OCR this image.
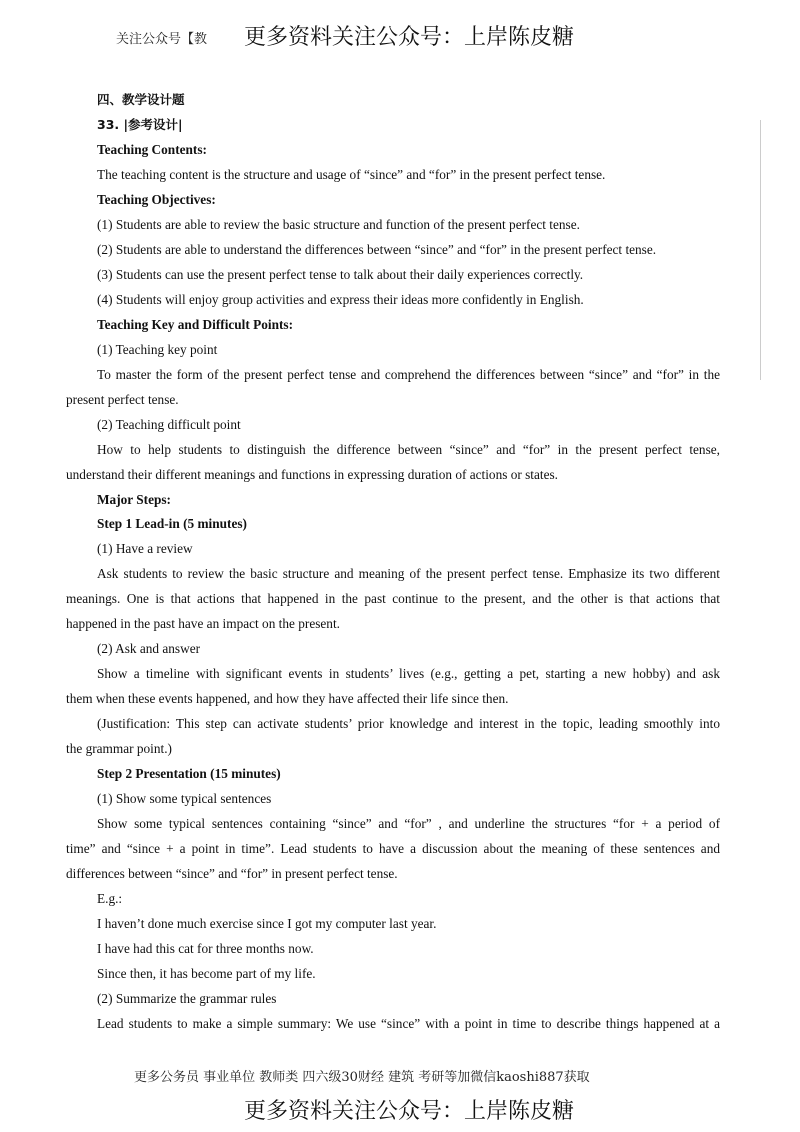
关注公众号【教 更多资料关注公众号：上岸陈皮糖
四、教学设计题
33. |参考设计|
Teaching Contents:
The teaching content is the structure and usage of “since” and “for” in the present perfect tense.
Teaching Objectives:
(1) Students are able to review the basic structure and function of the present perfect tense.
(2) Students are able to understand the differences between “since” and “for” in the present perfect tense.
(3) Students can use the present perfect tense to talk about their daily experiences correctly.
(4) Students will enjoy group activities and express their ideas more confidently in English.
Teaching Key and Difficult Points:
(1) Teaching key point
To master the form of the present perfect tense and comprehend the differences between “since” and “for” in the
present perfect tense.
(2) Teaching difficult point
How to help students to distinguish the difference between “since” and “for” in the present perfect tense,
understand their different meanings and functions in expressing duration of actions or states.
Major Steps:
Step 1 Lead-in (5 minutes)
(1) Have a review
Ask students to review the basic structure and meaning of the present perfect tense. Emphasize its two different
meanings. One is that actions that happened in the past continue to the present, and the other is that actions that
happened in the past have an impact on the present.
(2) Ask and answer
Show a timeline with significant events in students’ lives (e.g., getting a pet, starting a new hobby) and ask
them when these events happened, and how they have affected their life since then.
(Justification: This step can activate students’ prior knowledge and interest in the topic, leading smoothly into
the grammar point.)
Step 2 Presentation (15 minutes)
(1) Show some typical sentences
Show some typical sentences containing “since” and “for” , and underline the structures “for + a period of
time” and “since + a point in time”. Lead students to have a discussion about the meaning of these sentences and
differences between “since” and “for” in present perfect tense.
E.g.:
I haven’t done much exercise since I got my computer last year.
I have had this cat for three months now.
Since then, it has become part of my life.
(2) Summarize the grammar rules
Lead students to make a simple summary: We use “since” with a point in time to describe things happened at a
更多公务员 事业单位 教师类 四六级30财经 建筑 考研等加微信kaoshi887获取
更多资料关注公众号：上岸陈皮糖
